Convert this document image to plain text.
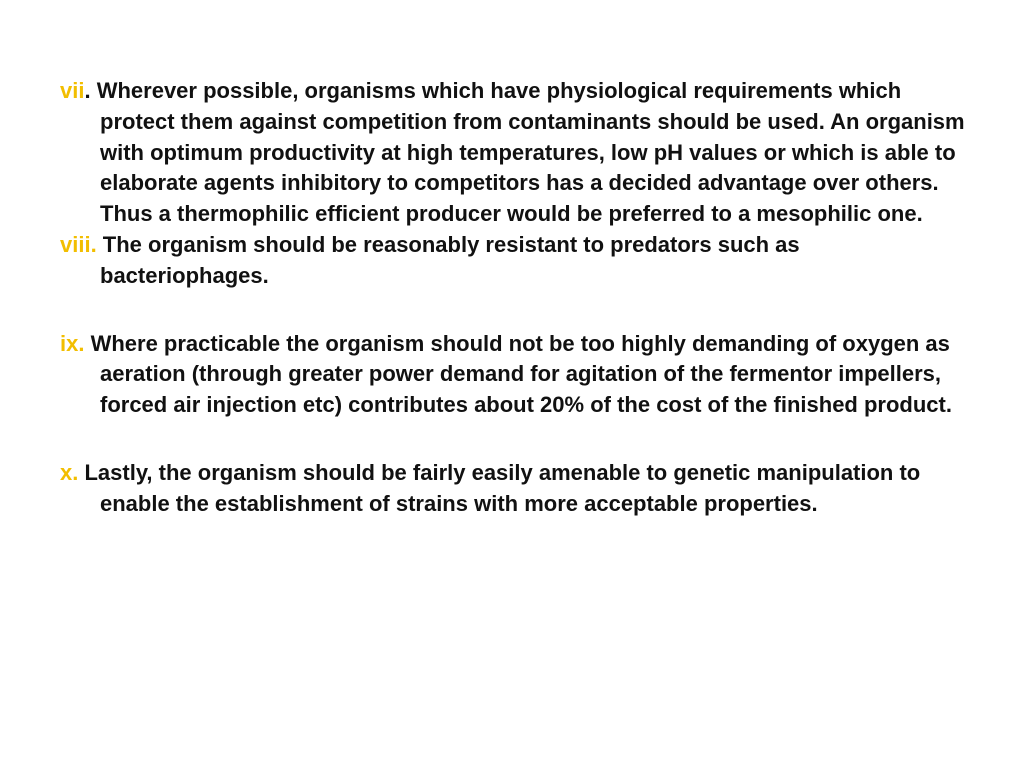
vii. Wherever possible, organisms which have physiological requirements which protect them against competition from contaminants should be used. An organism with optimum productivity at high temperatures, low pH values or which is able to elaborate agents inhibitory to competitors has a decided advantage over others. Thus a thermophilic efficient producer would be preferred to a mesophilic one.

viii. The organism should be reasonably resistant to predators such as bacteriophages.

ix. Where practicable the organism should not be too highly demanding of oxygen as aeration (through greater power demand for agitation of the fermentor impellers, forced air injection etc) contributes about 20% of the cost of the finished product.

x. Lastly, the organism should be fairly easily amenable to genetic manipulation to enable the establishment of strains with more acceptable properties.
